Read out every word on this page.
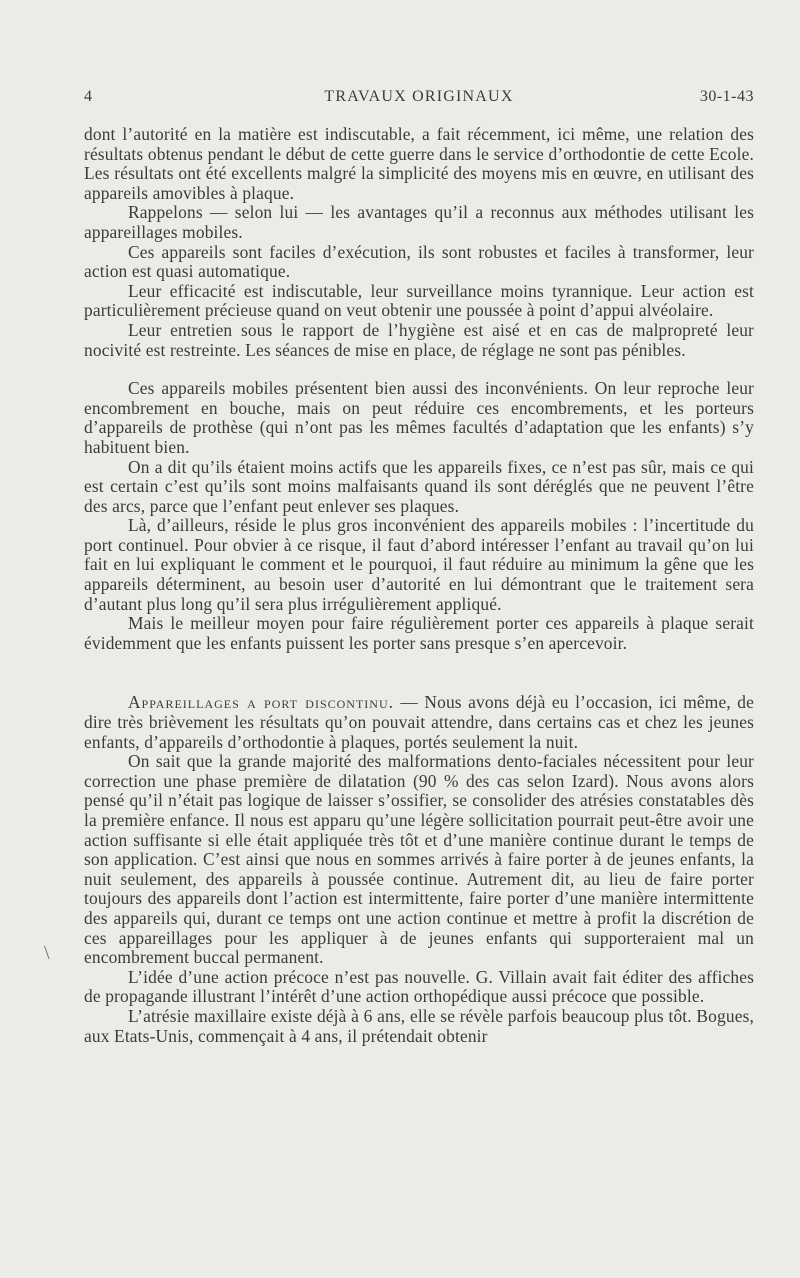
4	TRAVAUX ORIGINAUX	30-1-43

dont l’autorité en la matière est indiscutable, a fait récemment, ici même, une relation des résultats obtenus pendant le début de cette guerre dans le service d’orthodontie de cette Ecole. Les résultats ont été excellents malgré la simplicité des moyens mis en œuvre, en utilisant des appareils amovibles à plaque.

Rappelons — selon lui — les avantages qu’il a reconnus aux méthodes utilisant les appareillages mobiles.

Ces appareils sont faciles d’exécution, ils sont robustes et faciles à transformer, leur action est quasi automatique.

Leur efficacité est indiscutable, leur surveillance moins tyrannique. Leur action est particulièrement précieuse quand on veut obtenir une poussée à point d’appui alvéolaire.

Leur entretien sous le rapport de l’hygiène est aisé et en cas de malpropreté leur nocivité est restreinte. Les séances de mise en place, de réglage ne sont pas pénibles.

Ces appareils mobiles présentent bien aussi des inconvénients. On leur reproche leur encombrement en bouche, mais on peut réduire ces encombrements, et les porteurs d’appareils de prothèse (qui n’ont pas les mêmes facultés d’adaptation que les enfants) s’y habituent bien.

On a dit qu’ils étaient moins actifs que les appareils fixes, ce n’est pas sûr, mais ce qui est certain c’est qu’ils sont moins malfaisants quand ils sont déréglés que ne peuvent l’être des arcs, parce que l’enfant peut enlever ses plaques.

Là, d’ailleurs, réside le plus gros inconvénient des appareils mobiles : l’incertitude du port continuel. Pour obvier à ce risque, il faut d’abord intéresser l’enfant au travail qu’on lui fait en lui expliquant le comment et le pourquoi, il faut réduire au minimum la gêne que les appareils déterminent, au besoin user d’autorité en lui démontrant que le traitement sera d’autant plus long qu’il sera plus irrégulièrement appliqué.

Mais le meilleur moyen pour faire régulièrement porter ces appareils à plaque serait évidemment que les enfants puissent les porter sans presque s’en apercevoir.

Appareillages a port discontinu. — Nous avons déjà eu l’occasion, ici même, de dire très brièvement les résultats qu’on pouvait attendre, dans certains cas et chez les jeunes enfants, d’appareils d’orthodontie à plaques, portés seulement la nuit.

On sait que la grande majorité des malformations dento-faciales nécessitent pour leur correction une phase première de dilatation (90 % des cas selon Izard). Nous avons alors pensé qu’il n’était pas logique de laisser s’ossifier, se consolider des atrésies constatables dès la première enfance. Il nous est apparu qu’une légère sollicitation pourrait peut-être avoir une action suffisante si elle était appliquée très tôt et d’une manière continue durant le temps de son application. C’est ainsi que nous en sommes arrivés à faire porter à de jeunes enfants, la nuit seulement, des appareils à poussée continue. Autrement dit, au lieu de faire porter toujours des appareils dont l’action est intermittente, faire porter d’une manière intermittente des appareils qui, durant ce temps ont une action continue et mettre à profit la discrétion de ces appareillages pour les appliquer à de jeunes enfants qui supporteraient mal un encombrement buccal permanent.

L’idée d’une action précoce n’est pas nouvelle. G. Villain avait fait éditer des affiches de propagande illustrant l’intérêt d’une action orthopédique aussi précoce que possible.

L’atrésie maxillaire existe déjà à 6 ans, elle se révèle parfois beaucoup plus tôt. Bogues, aux Etats-Unis, commençait à 4 ans, il prétendait obtenir

\
